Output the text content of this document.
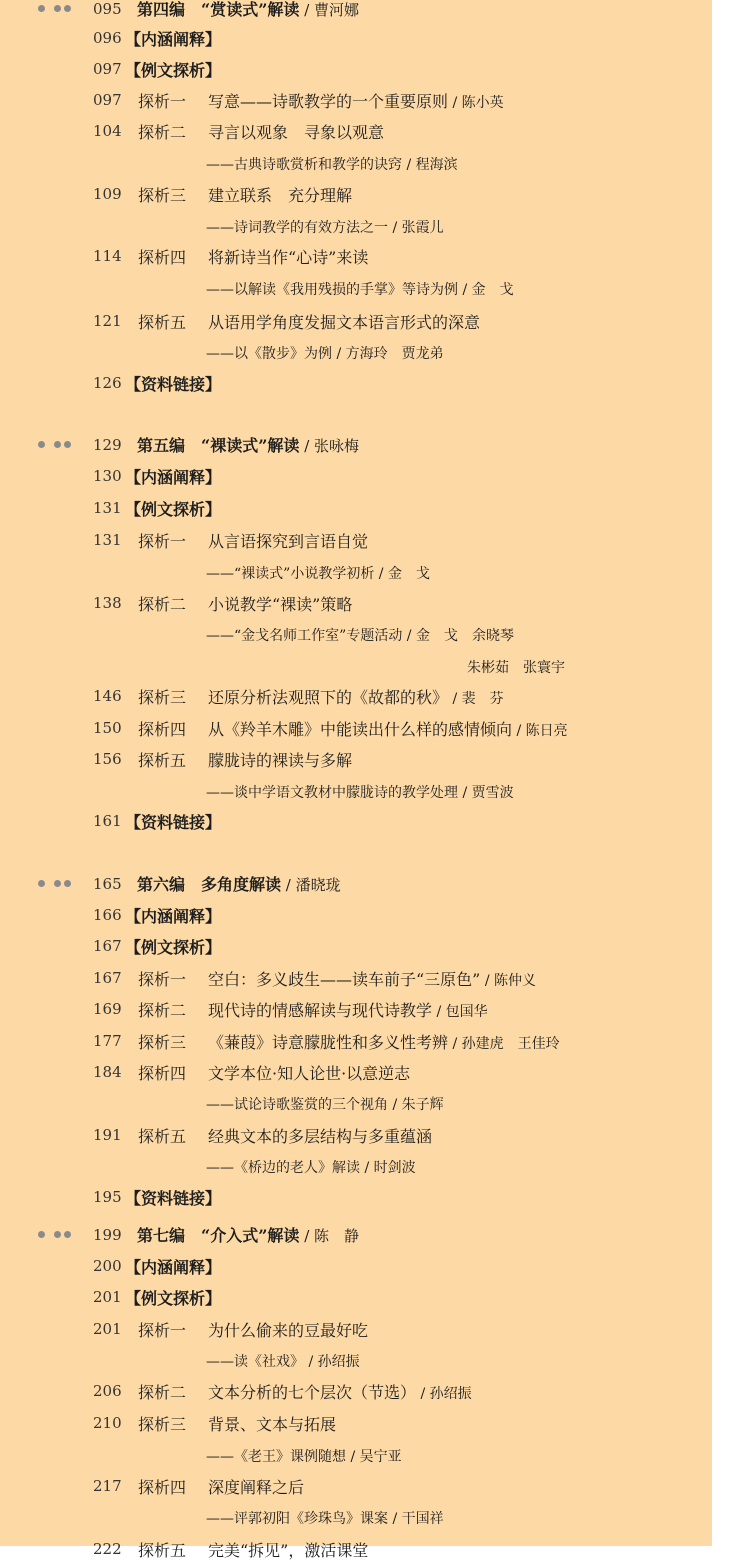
095 第四编　“赏读式”解读 / 曹河娜
096 【内涵阐释】
097 【例文探析】
097 探析一 写意——诗歌教学的一个重要原则 / 陈小英
104 探析二 寻言以观象　寻象以观意
——古典诗歌赏析和教学的诀窍 / 程海滨
109 探析三 建立联系　充分理解
——诗词教学的有效方法之一 / 张霞儿
114 探析四 将新诗当作“心诗”来读
——以解读《我用残损的手掌》等诗为例 / 金　戈
121 探析五 从语用学角度发掘文本语言形式的深意
——以《散步》为例 / 方海玲　贾龙弟
126 【资料链接】
129 第五编　“裸读式”解读 / 张咏梅
130 【内涵阐释】
131 【例文探析】
131 探析一 从言语探究到言语自觉
——“裸读式”小说教学初析 / 金　戈
138 探析二 小说教学“裸读”策略
——“金戈名师工作室”专题活动 / 金　戈　余晓琴
朱彬茹　张寰宇
146 探析三 还原分析法观照下的《故都的秋》 / 裴　芬
150 探析四 从《羚羊木雕》中能读出什么样的感情倾向 / 陈日亮
156 探析五 朦胧诗的裸读与多解
——谈中学语文教材中朦胧诗的教学处理 / 贾雪波
161 【资料链接】
165 第六编　多角度解读 / 潘晓珑
166 【内涵阐释】
167 【例文探析】
167 探析一 空白：多义歧生——读车前子“三原色” / 陈仲义
169 探析二 现代诗的情感解读与现代诗教学 / 包国华
177 探析三 《蒹葭》诗意朦胧性和多义性考辨 / 孙建虎　王佳玲
184 探析四 文学本位·知人论世·以意逆志
——试论诗歌鉴赏的三个视角 / 朱子辉
191 探析五 经典文本的多层结构与多重蕴涵
——《桥边的老人》解读 / 时剑波
195 【资料链接】
199 第七编　“介入式”解读 / 陈　静
200 【内涵阐释】
201 【例文探析】
201 探析一 为什么偷来的豆最好吃
——读《社戏》 / 孙绍振
206 探析二 文本分析的七个层次（节选） / 孙绍振
210 探析三 背景、文本与拓展
——《老王》课例随想 / 吴宁亚
217 探析四 深度阐释之后
——评郭初阳《珍珠鸟》课案 / 干国祥
222 探析五 完美“拆见”，激活课堂
